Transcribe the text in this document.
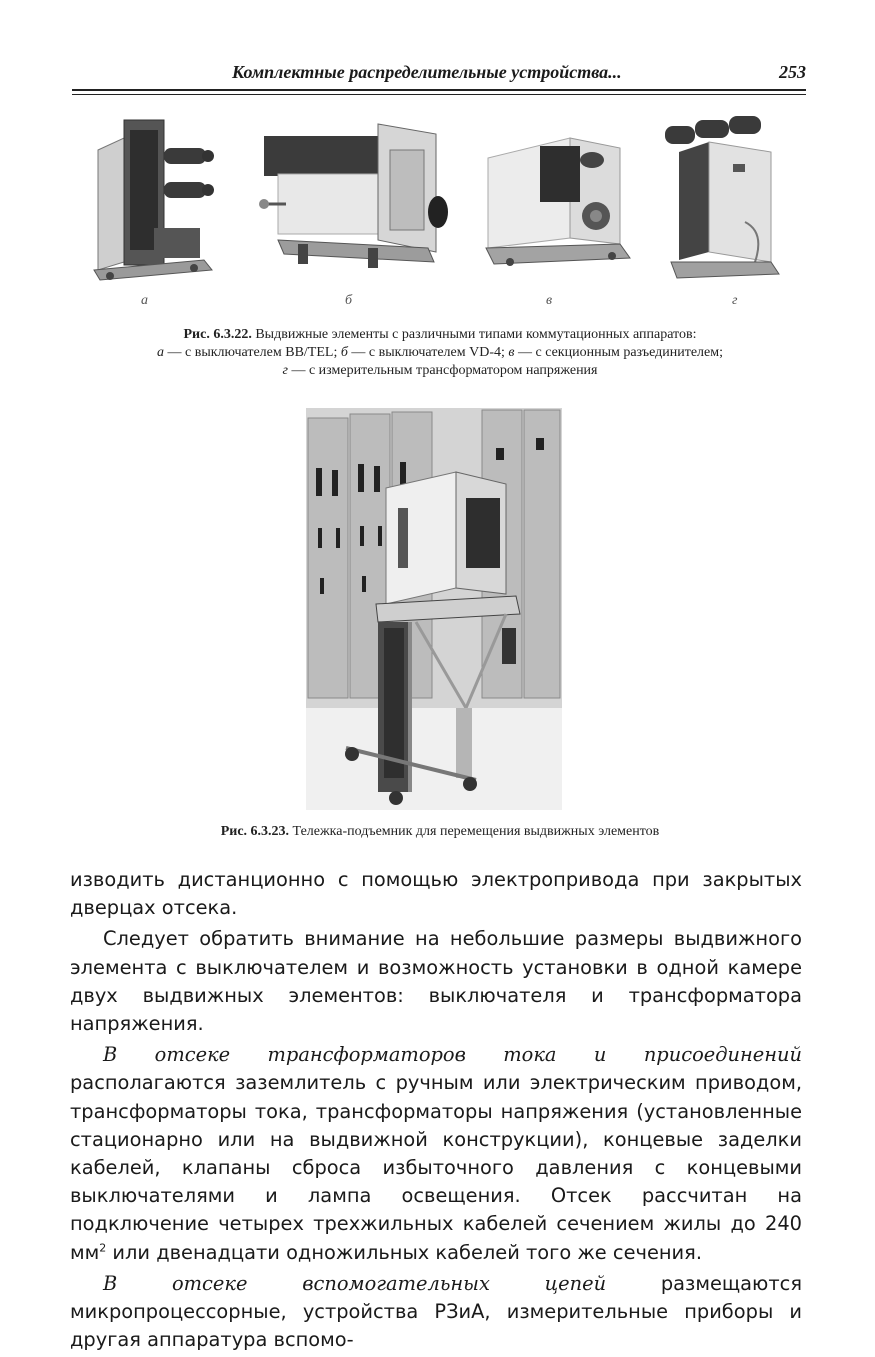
Комплектные распределительные устройства...	253
а	б	в	г
Рис. 6.3.22. Выдвижные элементы с различными типами коммутационных аппаратов:
а — с выключателем ВВ/TEL; б — с выключателем VD-4; в — с секционным разъединителем;
г — с измерительным трансформатором напряжения
Рис. 6.3.23. Тележка-подъемник для перемещения выдвижных элементов

изводить дистанционно с помощью электропривода при закрытых дверцах отсека.

Следует обратить внимание на небольшие размеры выдвижного элемента с выключателем и возможность установки в одной камере двух выдвижных элементов: выключателя и трансформатора напряжения.

В отсеке трансформаторов тока и присоединений располагаются заземлитель с ручным или электрическим приводом, трансформаторы тока, трансформаторы напряжения (установленные стационарно или на выдвижной конструкции), концевые заделки кабелей, клапаны сброса избыточного давления с концевыми выключателями и лампа освещения. Отсек рассчитан на подключение четырех трехжильных кабелей сечением жилы до 240 $мм^2$ или двенадцати одножильных кабелей того же сечения.

В отсеке вспомогательных цепей размещаются микропроцессорные, устройства РЗиА, измерительные приборы и другая аппаратура вспомо-
